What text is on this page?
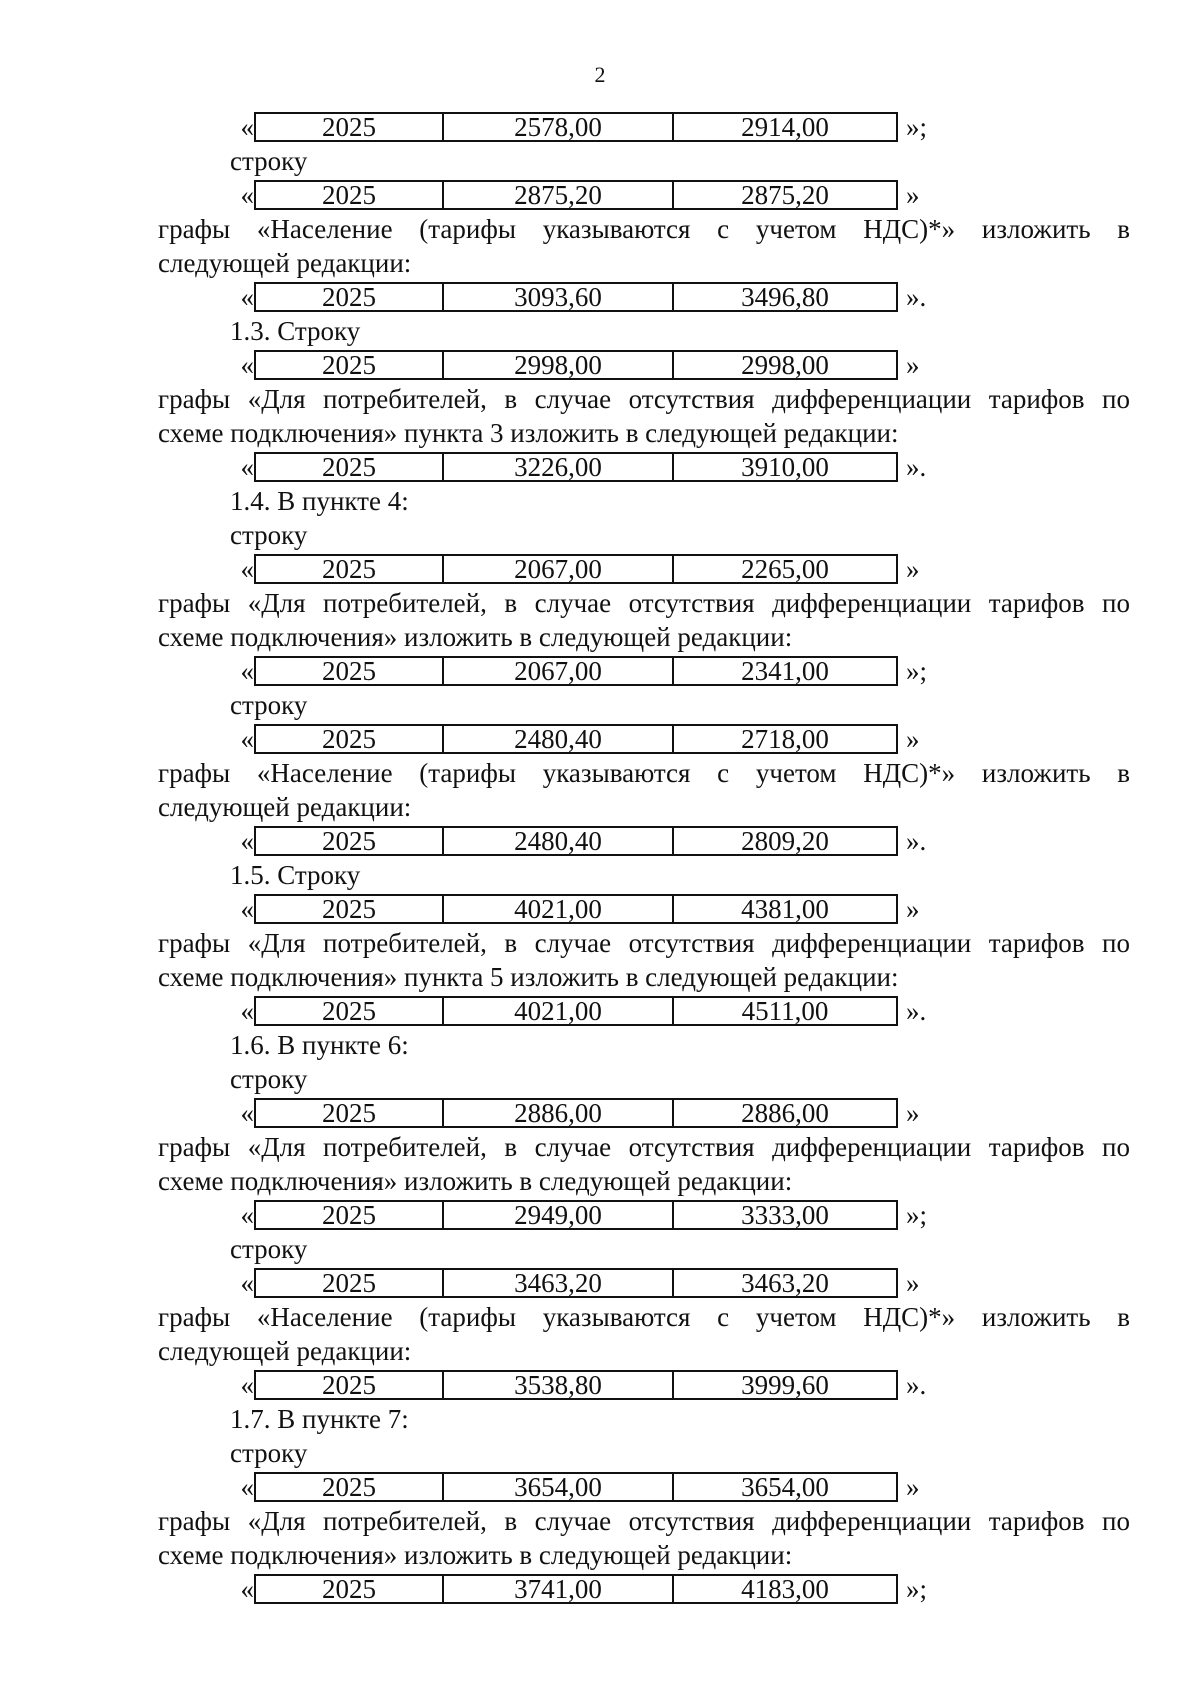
2
«	2025	2578,00	2914,00	»;
строку
«	2025	2875,20	2875,20	»
графы «Население (тарифы указываются с учетом НДС)*» изложить в
следующей редакции:
«	2025	3093,60	3496,80	».
1.3. Строку
«	2025	2998,00	2998,00	»
графы «Для потребителей, в случае отсутствия дифференциации тарифов по
схеме подключения» пункта 3 изложить в следующей редакции:
«	2025	3226,00	3910,00	».
1.4. В пункте 4:
строку
«	2025	2067,00	2265,00	»
графы «Для потребителей, в случае отсутствия дифференциации тарифов по
схеме подключения» изложить в следующей редакции:
«	2025	2067,00	2341,00	»;
строку
«	2025	2480,40	2718,00	»
графы «Население (тарифы указываются с учетом НДС)*» изложить в
следующей редакции:
«	2025	2480,40	2809,20	».
1.5. Строку
«	2025	4021,00	4381,00	»
графы «Для потребителей, в случае отсутствия дифференциации тарифов по
схеме подключения» пункта 5 изложить в следующей редакции:
«	2025	4021,00	4511,00	».
1.6. В пункте 6:
строку
«	2025	2886,00	2886,00	»
графы «Для потребителей, в случае отсутствия дифференциации тарифов по
схеме подключения» изложить в следующей редакции:
«	2025	2949,00	3333,00	»;
строку
«	2025	3463,20	3463,20	»
графы «Население (тарифы указываются с учетом НДС)*» изложить в
следующей редакции:
«	2025	3538,80	3999,60	».
1.7. В пункте 7:
строку
«	2025	3654,00	3654,00	»
графы «Для потребителей, в случае отсутствия дифференциации тарифов по
схеме подключения» изложить в следующей редакции:
«	2025	3741,00	4183,00	»;
